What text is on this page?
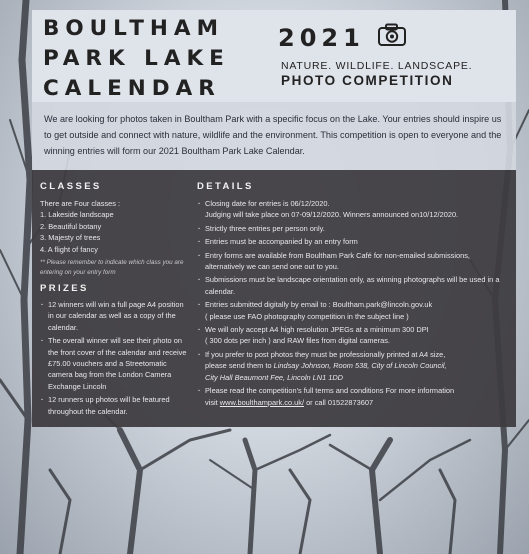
BOULTHAM
PARK LAKE
CALENDAR
2021
NATURE. WILDLIFE. LANDSCAPE.
PHOTO COMPETITION
We are looking for photos taken in Boultham Park with a specific focus on the Lake. Your entries should inspire us to get outside and connect with nature, wildlife and the environment. This competition is open to everyone and the winning entries will form our 2021 Boultham Park Lake Calendar.
CLASSES
There are Four classes :
1. Lakeside landscape
2. Beautiful botany
3. Majesty of trees
4. A flight of fancy
** Please remember to indicate which class you are entering on your entry form
PRIZES
· 12 winners will win a full page A4 position in our calendar as well as a copy of the calendar.
· The overall winner will see their photo on the front cover of the calendar and receive £75.00 vouchers and a Streetomatic camera bag from the London Camera Exchange Lincoln
· 12 runners up photos will be featured throughout the calendar.
DETAILS
· Closing date for entries is 06/12/2020.
Judging will take place on 07-09/12/2020. Winners announced on10/12/2020.
· Strictly three entries per person only.
· Entries must be accompanied by an entry form
· Entry forms are available from Boultham Park Café for non-emailed submissions, alternatively we can send one out to you.
· Submissions must be landscape orientation only, as winning photographs will be used in a calendar.
· Entries submitted digitally by email to : Boultham.park@lincoln.gov.uk
( please use FAO photography competition in the subject line )
· We will only accept A4 high resolution JPEGs at a minimum 300 DPI
( 300 dots per inch ) and RAW files from digital cameras.
· If you prefer to post photos they must be professionally printed at A4 size,
please send them to Lindsay Johnson, Room 538, City of Lincoln Council,
City Hall Beaumont Fee, Lincoln LN1 1DD
· Please read the competition's full terms and conditions For more information
visit www.boulthampark.co.uk/ or call 01522873607
